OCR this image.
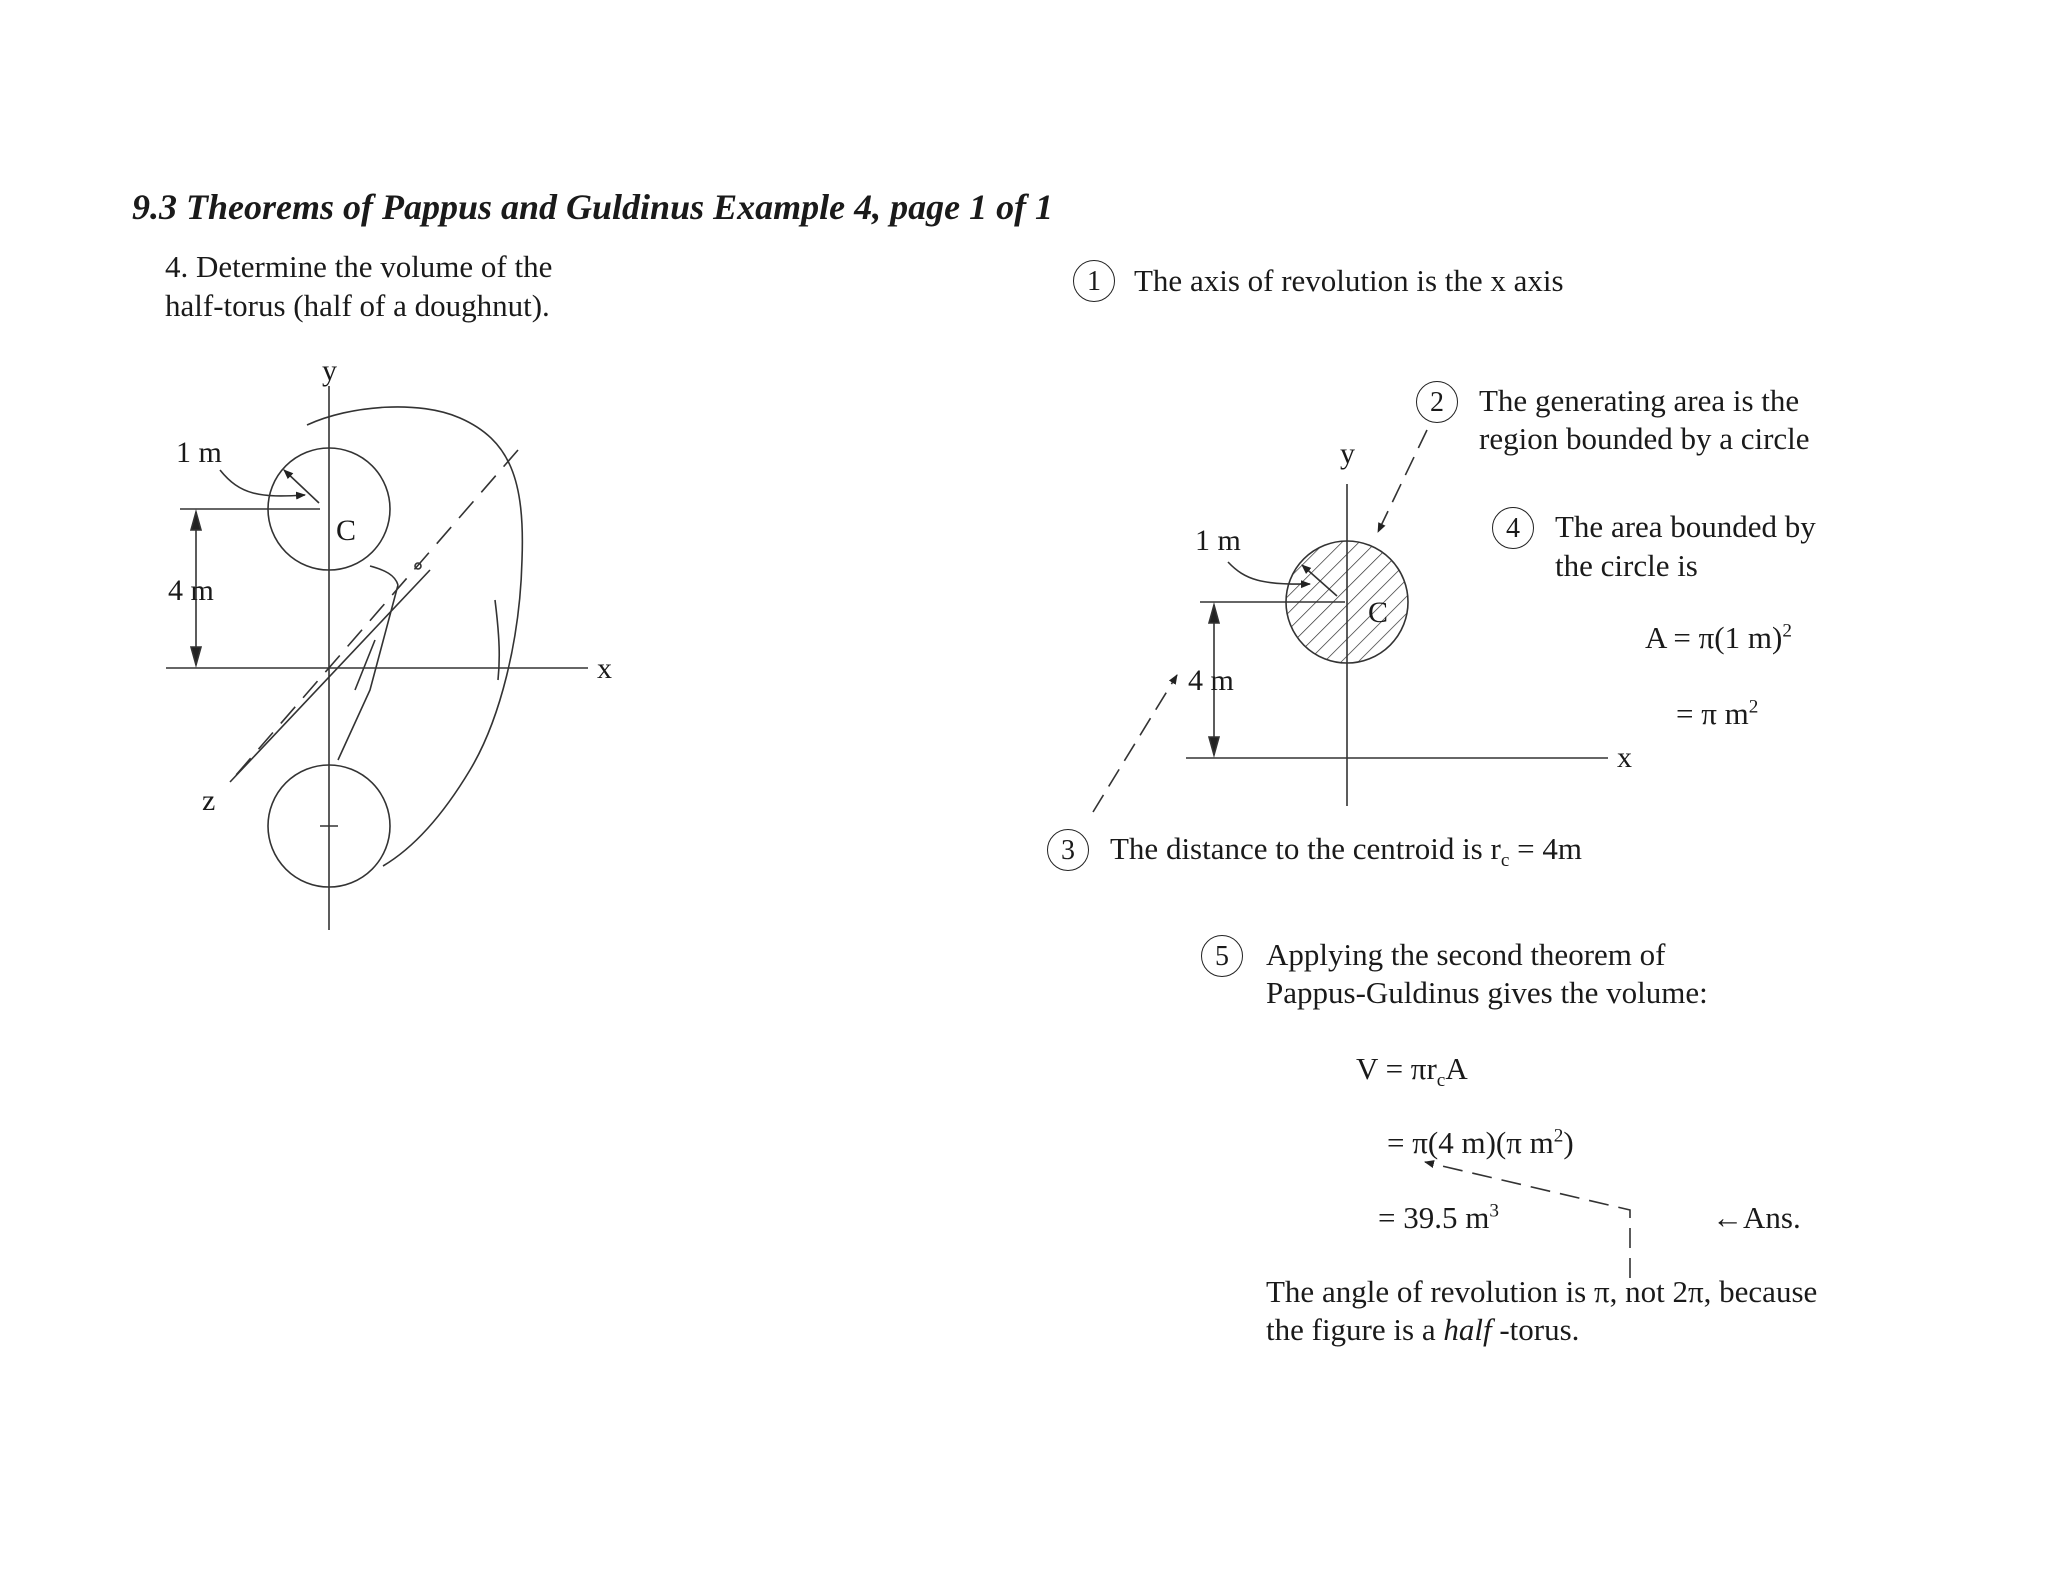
9.3 Theorems of Pappus and Guldinus Example 4, page 1 of 1
4. Determine the volume of the
half-torus (half of a doughnut).
y
x
z
1 m
C
4 m
y
x
1 m
C
4 m
1	The axis of revolution is the x axis
2	The generating area is the
region bounded by a circle
4	The area bounded by
the circle is
A = π(1 m)$^2$
= π $m^2$
3	The distance to the centroid is $r_c = 4m$
5	Applying the second theorem of
Pappus-Guldinus gives the volume:
$V = \pi r_cA$
= π(4 m)(π $m^2$)
= 39.5 $m^3$	←Ans.
The angle of revolution is π, not 2π, because
the figure is a half -torus.
